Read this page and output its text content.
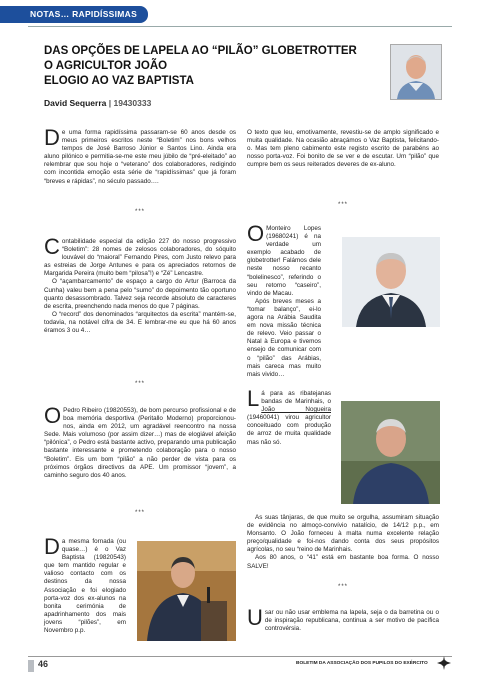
NOTAS… RAPIDÍSSIMAS
DAS OPÇÕES DE LAPELA AO “PILÃO” GLOBETROTTER
O AGRICULTOR JOÃO
ELOGIO AO VAZ BAPTISTA
David Sequerra | 19430333

De uma forma rapidíssima passaram-se 60 anos desde os meus primeiros escritos neste “Boletim” nos bons velhos tempos de José Barroso Júnior e Santos Lino. Ainda era aluno pilónico e permitia-se-me este meu júbilo de “pré-eleitado” ao relembrar que sou hoje o “veterano” dos colaboradores, redigindo com incontida emoção esta série de “rapidíssimas” que já foram “breves e rápidas”, no século passado….

O texto que leu, emotivamente, revestiu-se de amplo significado e muita qualidade. Na ocasião abraçámos o Vaz Baptista, felicitando-o. Mas tem pleno cabimento este registo escrito de parabéns ao nosso porta-voz. Foi bonito de se ver e de escutar. Um “pilão” que cumpre bem os seus reiterados deveres de ex-aluno.

***
***

Contabilidade especial da edição 227 do nosso progressivo “Boletim”: 28 nomes de zelosos colaboradores, do sóquito louvável do “maioral” Fernando Pires, com Justo relevo para as estreias de Jorge Antunes e para os apreciados retornos de Margarida Pereira (muito bem “pilosa”!) e “Zé” Lencastre.

O “açambarcamento” de espaço a cargo do Artur (Barroca da Cunha) valeu bem a pena pelo “sumo” do depoimento tão oportuno quanto desassombrado. Talvez seja recorde absoluto de caracteres de escrita, preenchendo nada menos do que 7 páginas.

O “record” dos denominados “arquitectos da escrita” mantém-se, todavia, na notável cifra de 34. E lembrar-me eu que há 60 anos éramos 3 ou 4…

O Monteiro Lopes (19680241) é na verdade um exemplo acabado de globetrotter! Falámos dele neste nosso recanto “bolelinesco”, referindo o seu retorno “caseiro”, vindo de Macau.

Após breves meses a “tomar balanço”, ei-lo agora na Arábia Saudita em nova missão técnica de relevo. Veio passar o Natal à Europa e tivemos ensejo de comunicar com o “pilão” das Arábias, mais careca mas muito mais vivido…

***

O Pedro Ribeiro (19820553), de bom percurso profissional e de boa memória desportiva (Peritallo Moderno) proporcionou-nos, ainda em 2012, um agradável reencontro na nossa Sede. Mais volumoso (por assim dizer…) mas de elogiável afeição “pilónica”, o Pedro está bastante activo, preparando uma publicação bastante interessante e prometendo colaboração para o nosso “Boletim”. Eis um bom “pilão” a não perder de vista para os próximos órgãos directivos da APE. Um promissor “jovem”, a caminho seguro dos 40 anos.

Lá para as ribatejanas bandas de Marinhais, o João Nogueira (19460041) virou agricultor conceituado com produção de arroz de muita qualidade mas não só.

As suas tânjaras, de que muito se orgulha, assumiram situação de evidência no almoço-convívio natalício, de 14/12 p.p., em Monsanto. O João forneceu à malta numa excelente relação preço/qualidade e foi-nos dando conta dos seus propósitos agrícolas, no seu “reino de Marinhais.

Aos 80 anos, o “41” está em bastante boa forma. O nosso SALVE!

***

Da mesma fornada (ou quase…) é o Vaz Baptista (19820543) que tem mantido regular e valioso contacto com os destinos da nossa Associação e foi elogiado porta-voz dos ex-alunos na bonita cerimónia de apadrinhamento dos mais jovens “pilões”, em Novembro p.p.

***

Usar ou não usar emblema na lapela, seja o da barretina ou o de inspiração republicana, continua a ser motivo de pacífica controvérsia.

46	BOLETIM DA ASSOCIAÇÃO DOS PUPILOS DO EXÉRCITO
